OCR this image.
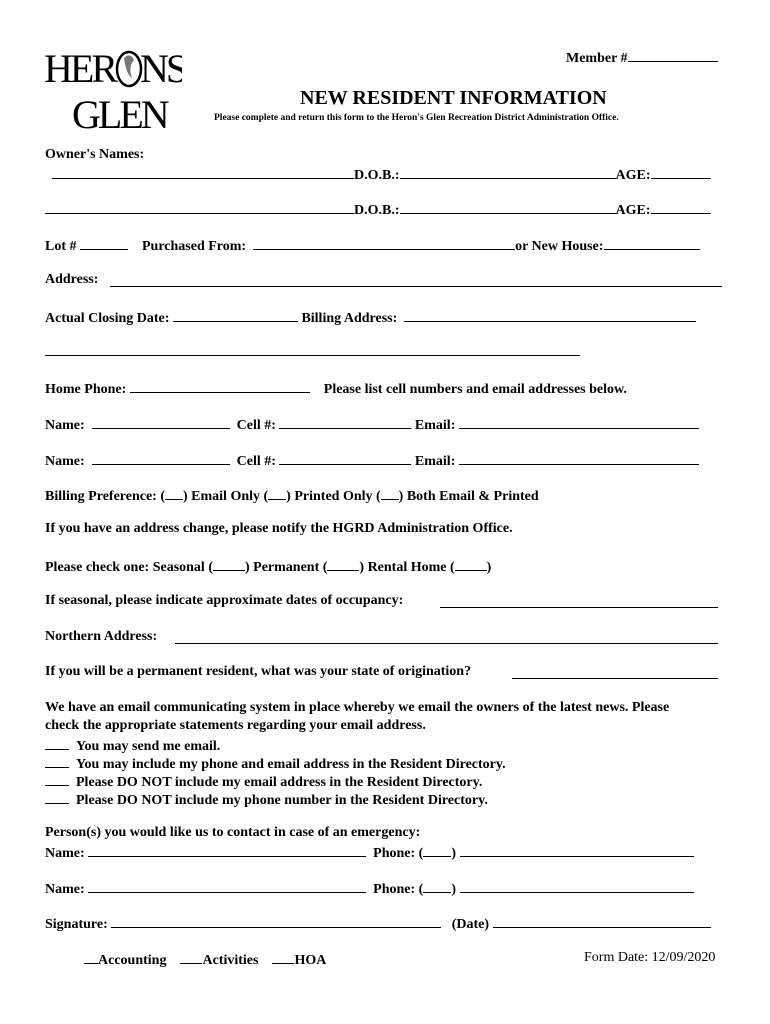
HER NS
GLEN
Member #
NEW RESIDENT INFORMATION
Please complete and return this form to the Heron's Glen Recreation District Administration Office.
Owner's Names:
D.O.B.:	AGE:
D.O.B.:	AGE:
Lot #	Purchased From:	or New House:
Address:
Actual Closing Date:	Billing Address:
Home Phone:	Please list cell numbers and email addresses below.
Name:	Cell #:	Email:
Name:	Cell #:	Email:
Billing Preference: ( ) Email Only ( ) Printed Only ( ) Both Email & Printed
If you have an address change, please notify the HGRD Administration Office.
Please check one: Seasonal ( ) Permanent ( ) Rental Home ( )
If seasonal, please indicate approximate dates of occupancy:
Northern Address:
If you will be a permanent resident, what was your state of origination?
We have an email communicating system in place whereby we email the owners of the latest news. Please
check the appropriate statements regarding your email address.
You may send me email.
You may include my phone and email address in the Resident Directory.
Please DO NOT include my email address in the Resident Directory.
Please DO NOT include my phone number in the Resident Directory.
Person(s) you would like us to contact in case of an emergency:
Name:	Phone: ( )
Name:	Phone: ( )
Signature:	(Date)
Accounting	Activities	HOA	Form Date: 12/09/2020
